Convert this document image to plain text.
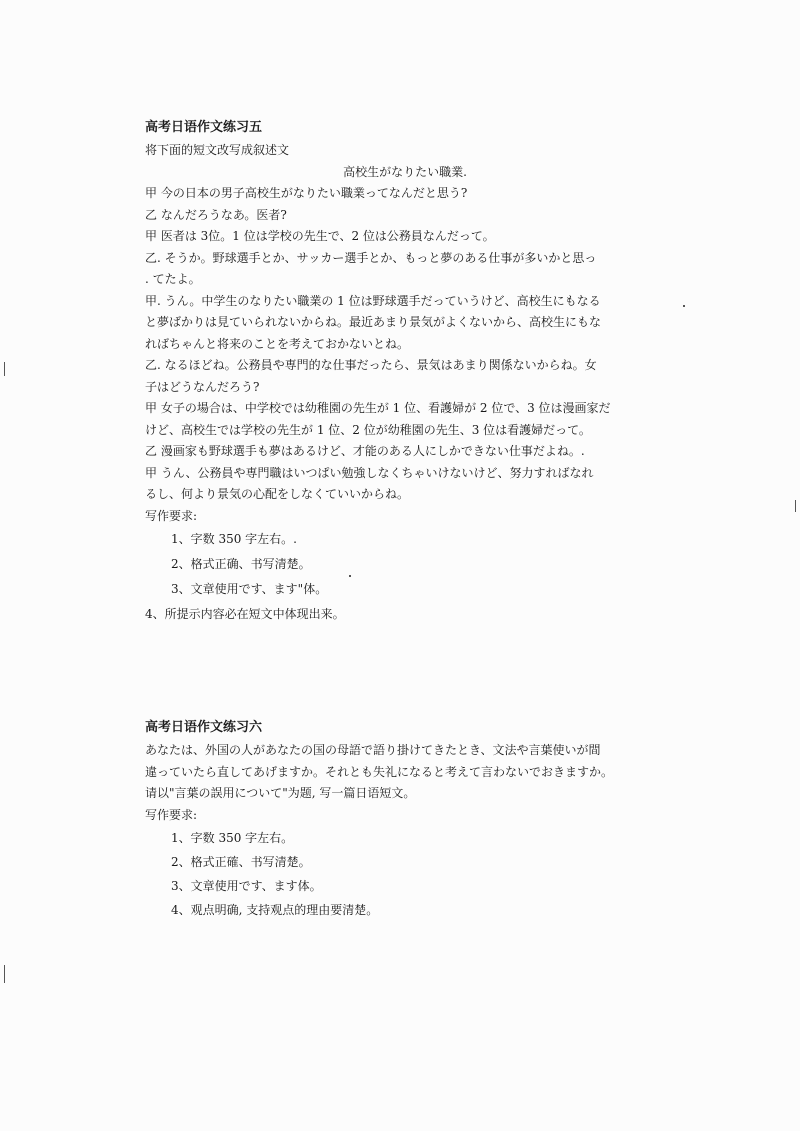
高考日语作文练习五

将下面的短文改写成叙述文

高校生がなりたい職業.

甲 今の日本の男子高校生がなりたい職業ってなんだと思う?

乙 なんだろうなあ。医者?

甲 医者は 3位。1 位は学校の先生で、2 位は公務員なんだって。

乙. そうか。野球選手とか、サッカー選手とか、もっと夢のある仕事が多いかと思っ

. てたよ。

甲. うん。中学生のなりたい職業の 1 位は野球選手だっていうけど、高校生にもなる

と夢ばかりは見ていられないからね。最近あまり景気がよくないから、高校生にもな

ればちゃんと将来のことを考えておかないとね。

乙. なるほどね。公務員や専門的な仕事だったら、景気はあまり関係ないからね。女

子はどうなんだろう?

甲 女子の場合は、中学校では幼稚園の先生が 1 位、看護婦が 2 位で、3 位は漫画家だ

けど、高校生では学校の先生が 1 位、2 位が幼稚園の先生、3 位は看護婦だって。

乙 漫画家も野球選手も夢はあるけど、才能のある人にしかできない仕事だよね。.

甲 うん、公務員や専門職はいつぱい勉強しなくちゃいけないけど、努力すればなれ

るし、何より景気の心配をしなくていいからね。

写作要求:

1、字数 350 字左右。.

2、格式正确、书写清楚。

3、文章使用です、ます"体。

4、所提示内容必在短文中体现出来。

高考日语作文练习六

あなたは、外国の人があなたの国の母語で語り掛けてきたとき、文法や言葉使いが間

違っていたら直してあげますか。それとも失礼になると考えて言わないでおきますか。

请以"言葉の誤用について"为题, 写一篇日语短文。

写作要求:

1、字数 350 字左右。

2、格式正確、书写清楚。

3、文章使用です、ます体。

4、观点明确, 支持观点的理由要清楚。
